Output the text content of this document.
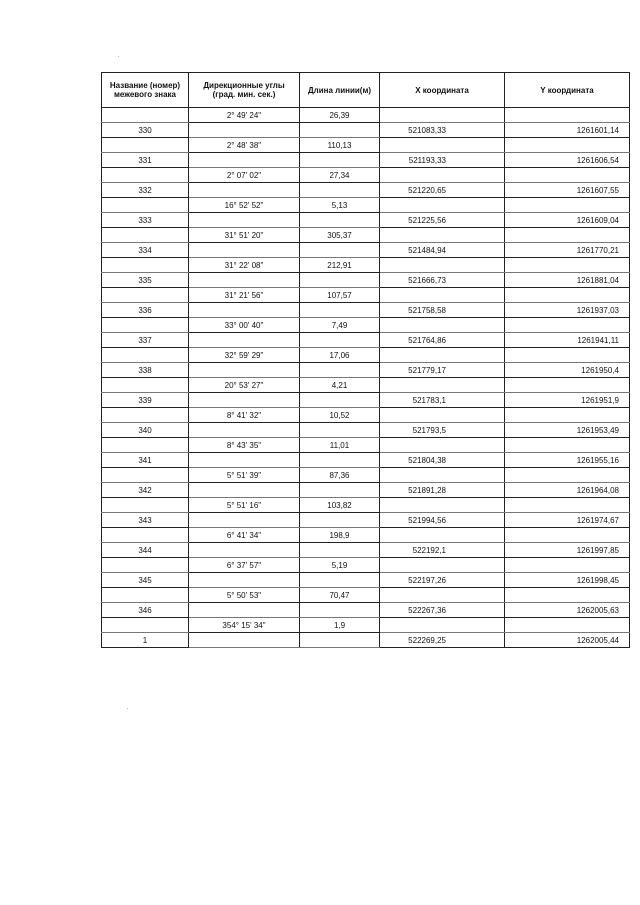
Название (номер) межевого знака	Дирекционные углы (град. мин. сек.)	Длина линии(м)	X координата	Y координата
	2° 49' 24"	26,39		
330			521083,33	1261601,14
	2° 48' 38"	110,13		
331			521193,33	1261606,54
	2° 07' 02"	27,34		
332			521220,65	1261607,55
	16° 52' 52"	5,13		
333			521225,56	1261609,04
	31° 51' 20"	305,37		
334			521484,94	1261770,21
	31° 22' 08"	212,91		
335			521666,73	1261881,04
	31° 21' 56"	107,57		
336			521758,58	1261937,03
	33° 00' 40"	7,49		
337			521764,86	1261941,11
	32° 59' 29"	17,06		
338			521779,17	1261950,4
	20° 53' 27"	4,21		
339			521783,1	1261951,9
	8° 41' 32"	10,52		
340			521793,5	1261953,49
	8° 43' 35"	11,01		
341			521804,38	1261955,16
	5° 51' 39"	87,36		
342			521891,28	1261964,08
	5° 51' 16"	103,82		
343			521994,56	1261974,67
	6° 41' 34"	198,9		
344			522192,1	1261997,85
	6° 37' 57"	5,19		
345			522197,26	1261998,45
	5° 50' 53"	70,47		
346			522267,36	1262005,63
	354° 15' 34"	1,9		
1			522269,25	1262005,44
